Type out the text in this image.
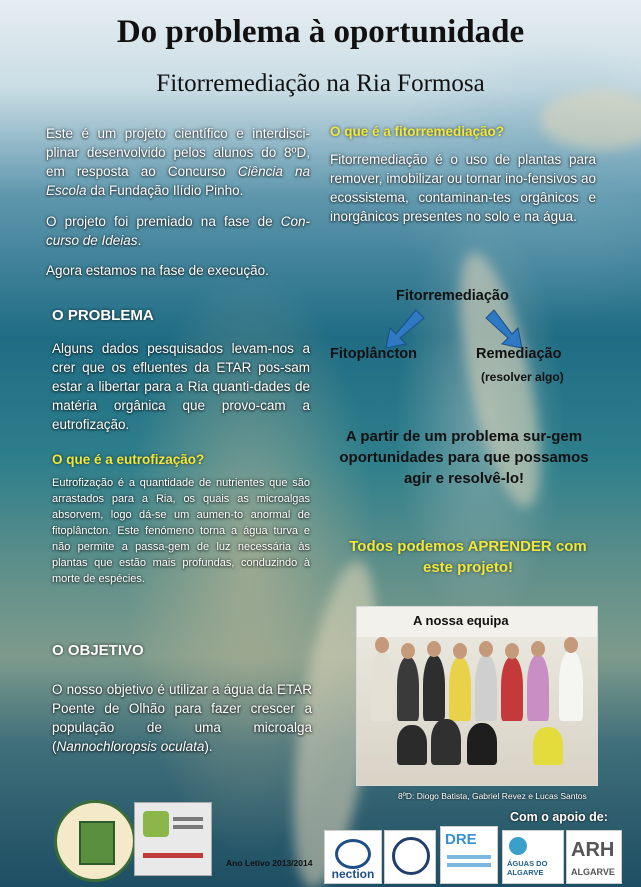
Do problema à oportunidade
Fitorremediação na Ria Formosa
Este é um projeto científico e interdisci-plinar desenvolvido pelos alunos do 8ºD, em resposta ao Concurso Ciência na Escola da Fundação Ilídio Pinho.
O projeto foi premiado na fase de Con-curso de Ideias.
Agora estamos na fase de execução.
O que é a fitorremediação?
Fitorremediação é o uso de plantas para remover, imobilizar ou tornar ino-fensivos ao ecossistema, contaminan-tes orgânicos e inorgânicos presentes no solo e na água.
Fitorremediação
Fitoplâncton	Remediação
(resolver algo)
O PROBLEMA
Alguns dados pesquisados levam-nos a crer que os efluentes da ETAR pos-sam estar a libertar para a Ria quanti-dades de matéria orgânica que provo-cam a eutrofização.
O que é a eutrofização?
Eutrofização é a quantidade de nutrientes que são arrastados para a Ria, os quais as microalgas absorvem, logo dá-se um aumen-to anormal de fitoplâncton. Este fenómeno torna a água turva e não permite a passa-gem de luz necessária às plantas que estão mais profundas, conduzindo à morte de espécies.
A partir de um problema sur-gem oportunidades para que possamos agir e resolvê-lo!
Todos podemos APRENDER com este projeto!
O OBJETIVO
O nosso objetivo é utilizar a água da ETAR Poente de Olhão para fazer crescer a população de uma microalga (Nannochloropsis oculata).
A nossa equipa
8ºD: Diogo Batista, Gabriel Revez e Lucas Santos
Ano Letivo 2013/2014
Com o apoio de:
nection
DRE
ÁGUAS DO ALGARVE
ARH
ALGARVE
